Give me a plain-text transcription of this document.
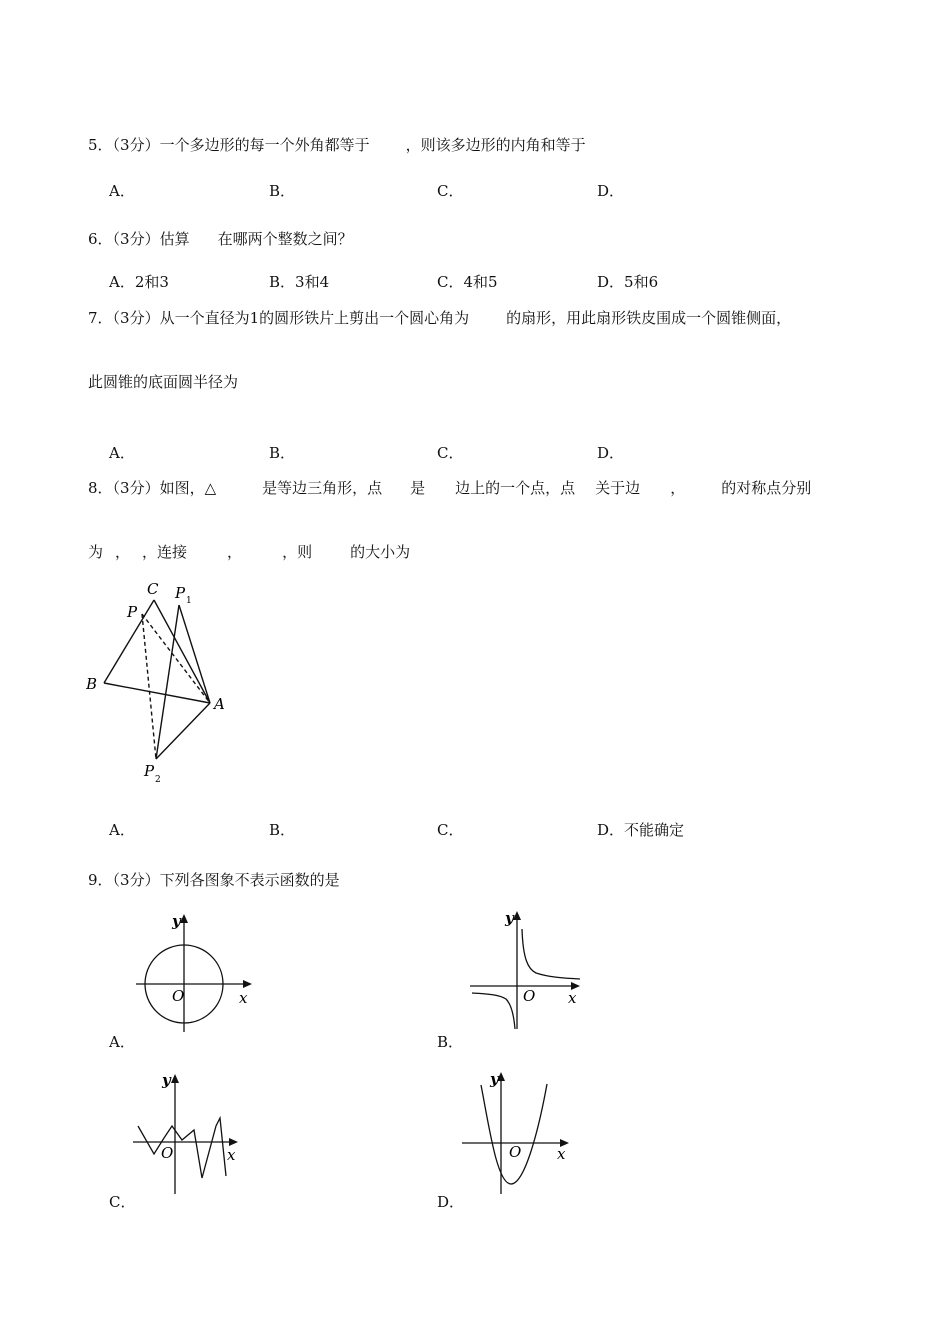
5．（3分）一个多边形的每一个外角都等于 ，则该多边形的内角和等于
A．	B．	C．	D．
6．（3分）估算 在哪两个整数之间？
A．2和3	B．3和4	C．4和5	D．5和6
7．（3分）从一个直径为1的圆形铁片上剪出一个圆心角为 的扇形，用此扇形铁皮围成一个圆锥侧面，
此圆锥的底面圆半径为
A．	B．	C．	D．
8．（3分）如图，△	是等边三角形，点 是 边上的一个点，点 关于边 ， 的对称点分别
为 ， ，连接	，	，则	的大小为
C
P
P 1
B
A
P 2
A．	B．	C．	D．不能确定
9．（3分）下列各图象不表示函数的是
y
x
O
A．
y
x
O
B．
y
x
O
C．
y
x
O
D．
